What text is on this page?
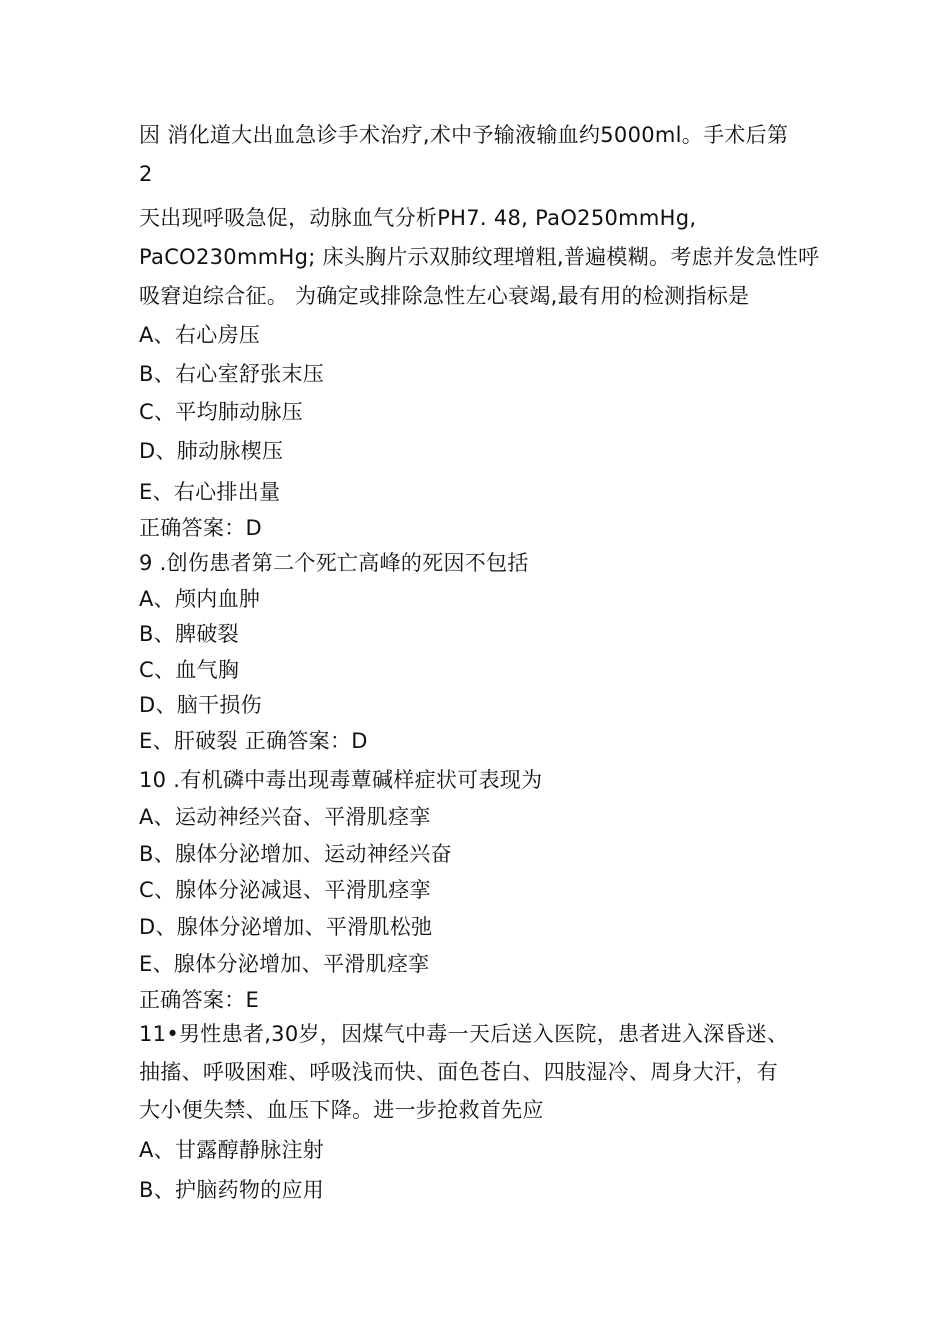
因 消化道大出血急诊手术治疗,术中予输液输血约5000ml。手术后第
2
天出现呼吸急促，动脉血气分析PH7. 48, PaO250mmHg,
PaCO230mmHg; 床头胸片示双肺纹理增粗,普遍模糊。考虑并发急性呼
吸窘迫综合征。 为确定或排除急性左心衰竭,最有用的检测指标是
A、右心房压
B、右心室舒张末压
C、平均肺动脉压
D、肺动脉楔压
E、右心排出量
正确答案：D
9 .创伤患者第二个死亡高峰的死因不包括
A、颅内血肿
B、脾破裂
C、血气胸
D、脑干损伤
E、肝破裂 正确答案：D
10 .有机磷中毒出现毒蕈碱样症状可表现为
A、运动神经兴奋、平滑肌痉挛
B、腺体分泌增加、运动神经兴奋
C、腺体分泌减退、平滑肌痉挛
D、腺体分泌增加、平滑肌松弛
E、腺体分泌增加、平滑肌痉挛
正确答案：E
11•男性患者,30岁，因煤气中毒一天后送入医院，患者进入深昏迷、
抽搐、呼吸困难、呼吸浅而快、面色苍白、四肢湿冷、周身大汗，有
大小便失禁、血压下降。进一步抢救首先应
A、甘露醇静脉注射
B、护脑药物的应用
